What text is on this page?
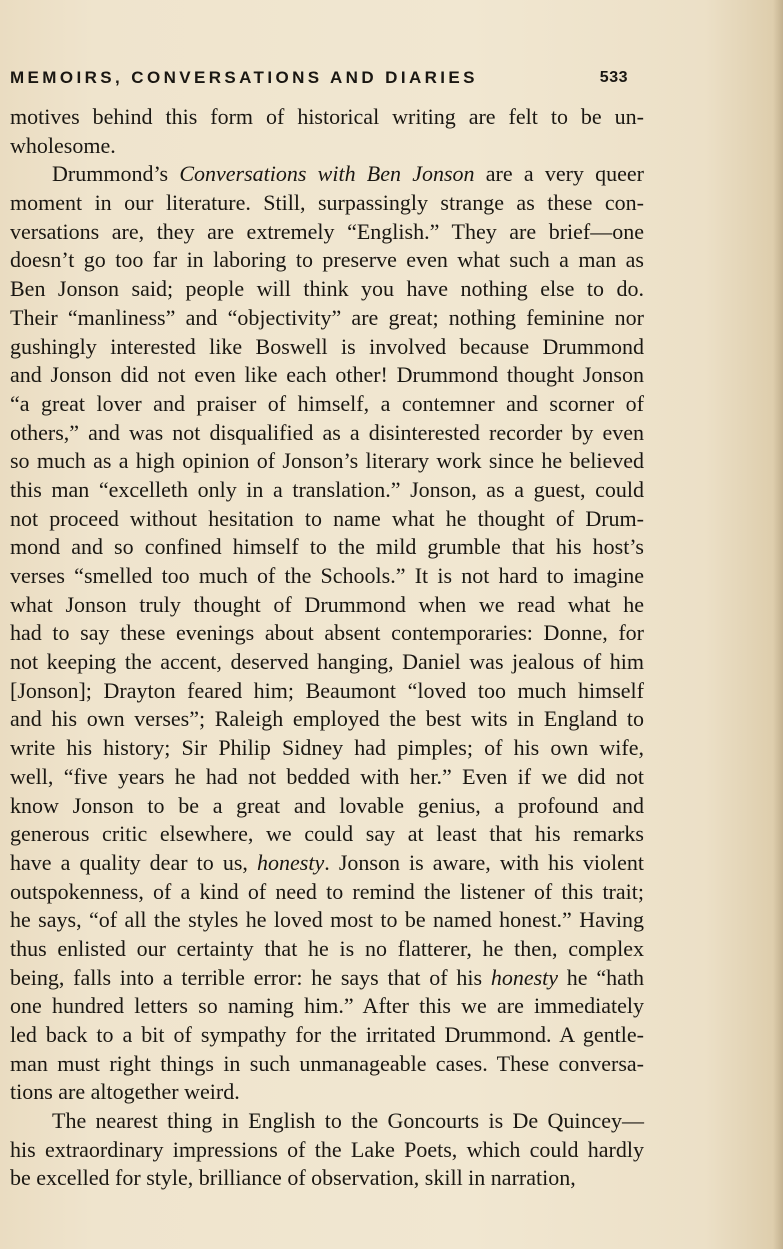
MEMOIRS, CONVERSATIONS AND DIARIES	533
motives behind this form of historical writing are felt to be un-
wholesome.
Drummond’s Conversations with Ben Jonson are a very queer
moment in our literature. Still, surpassingly strange as these con-
versations are, they are extremely “English.” They are brief—one
doesn’t go too far in laboring to preserve even what such a man as
Ben Jonson said; people will think you have nothing else to do.
Their “manliness” and “objectivity” are great; nothing feminine nor
gushingly interested like Boswell is involved because Drummond
and Jonson did not even like each other! Drummond thought Jonson
“a great lover and praiser of himself, a contemner and scorner of
others,” and was not disqualified as a disinterested recorder by even
so much as a high opinion of Jonson’s literary work since he believed
this man “excelleth only in a translation.” Jonson, as a guest, could
not proceed without hesitation to name what he thought of Drum-
mond and so confined himself to the mild grumble that his host’s
verses “smelled too much of the Schools.” It is not hard to imagine
what Jonson truly thought of Drummond when we read what he
had to say these evenings about absent contemporaries: Donne, for
not keeping the accent, deserved hanging, Daniel was jealous of him
[Jonson]; Drayton feared him; Beaumont “loved too much himself
and his own verses”; Raleigh employed the best wits in England to
write his history; Sir Philip Sidney had pimples; of his own wife,
well, “five years he had not bedded with her.” Even if we did not
know Jonson to be a great and lovable genius, a profound and
generous critic elsewhere, we could say at least that his remarks
have a quality dear to us, honesty. Jonson is aware, with his violent
outspokenness, of a kind of need to remind the listener of this trait;
he says, “of all the styles he loved most to be named honest.” Having
thus enlisted our certainty that he is no flatterer, he then, complex
being, falls into a terrible error: he says that of his honesty he “hath
one hundred letters so naming him.” After this we are immediately
led back to a bit of sympathy for the irritated Drummond. A gentle-
man must right things in such unmanageable cases. These conversa-
tions are altogether weird.
The nearest thing in English to the Goncourts is De Quincey—
his extraordinary impressions of the Lake Poets, which could hardly
be excelled for style, brilliance of observation, skill in narration,
